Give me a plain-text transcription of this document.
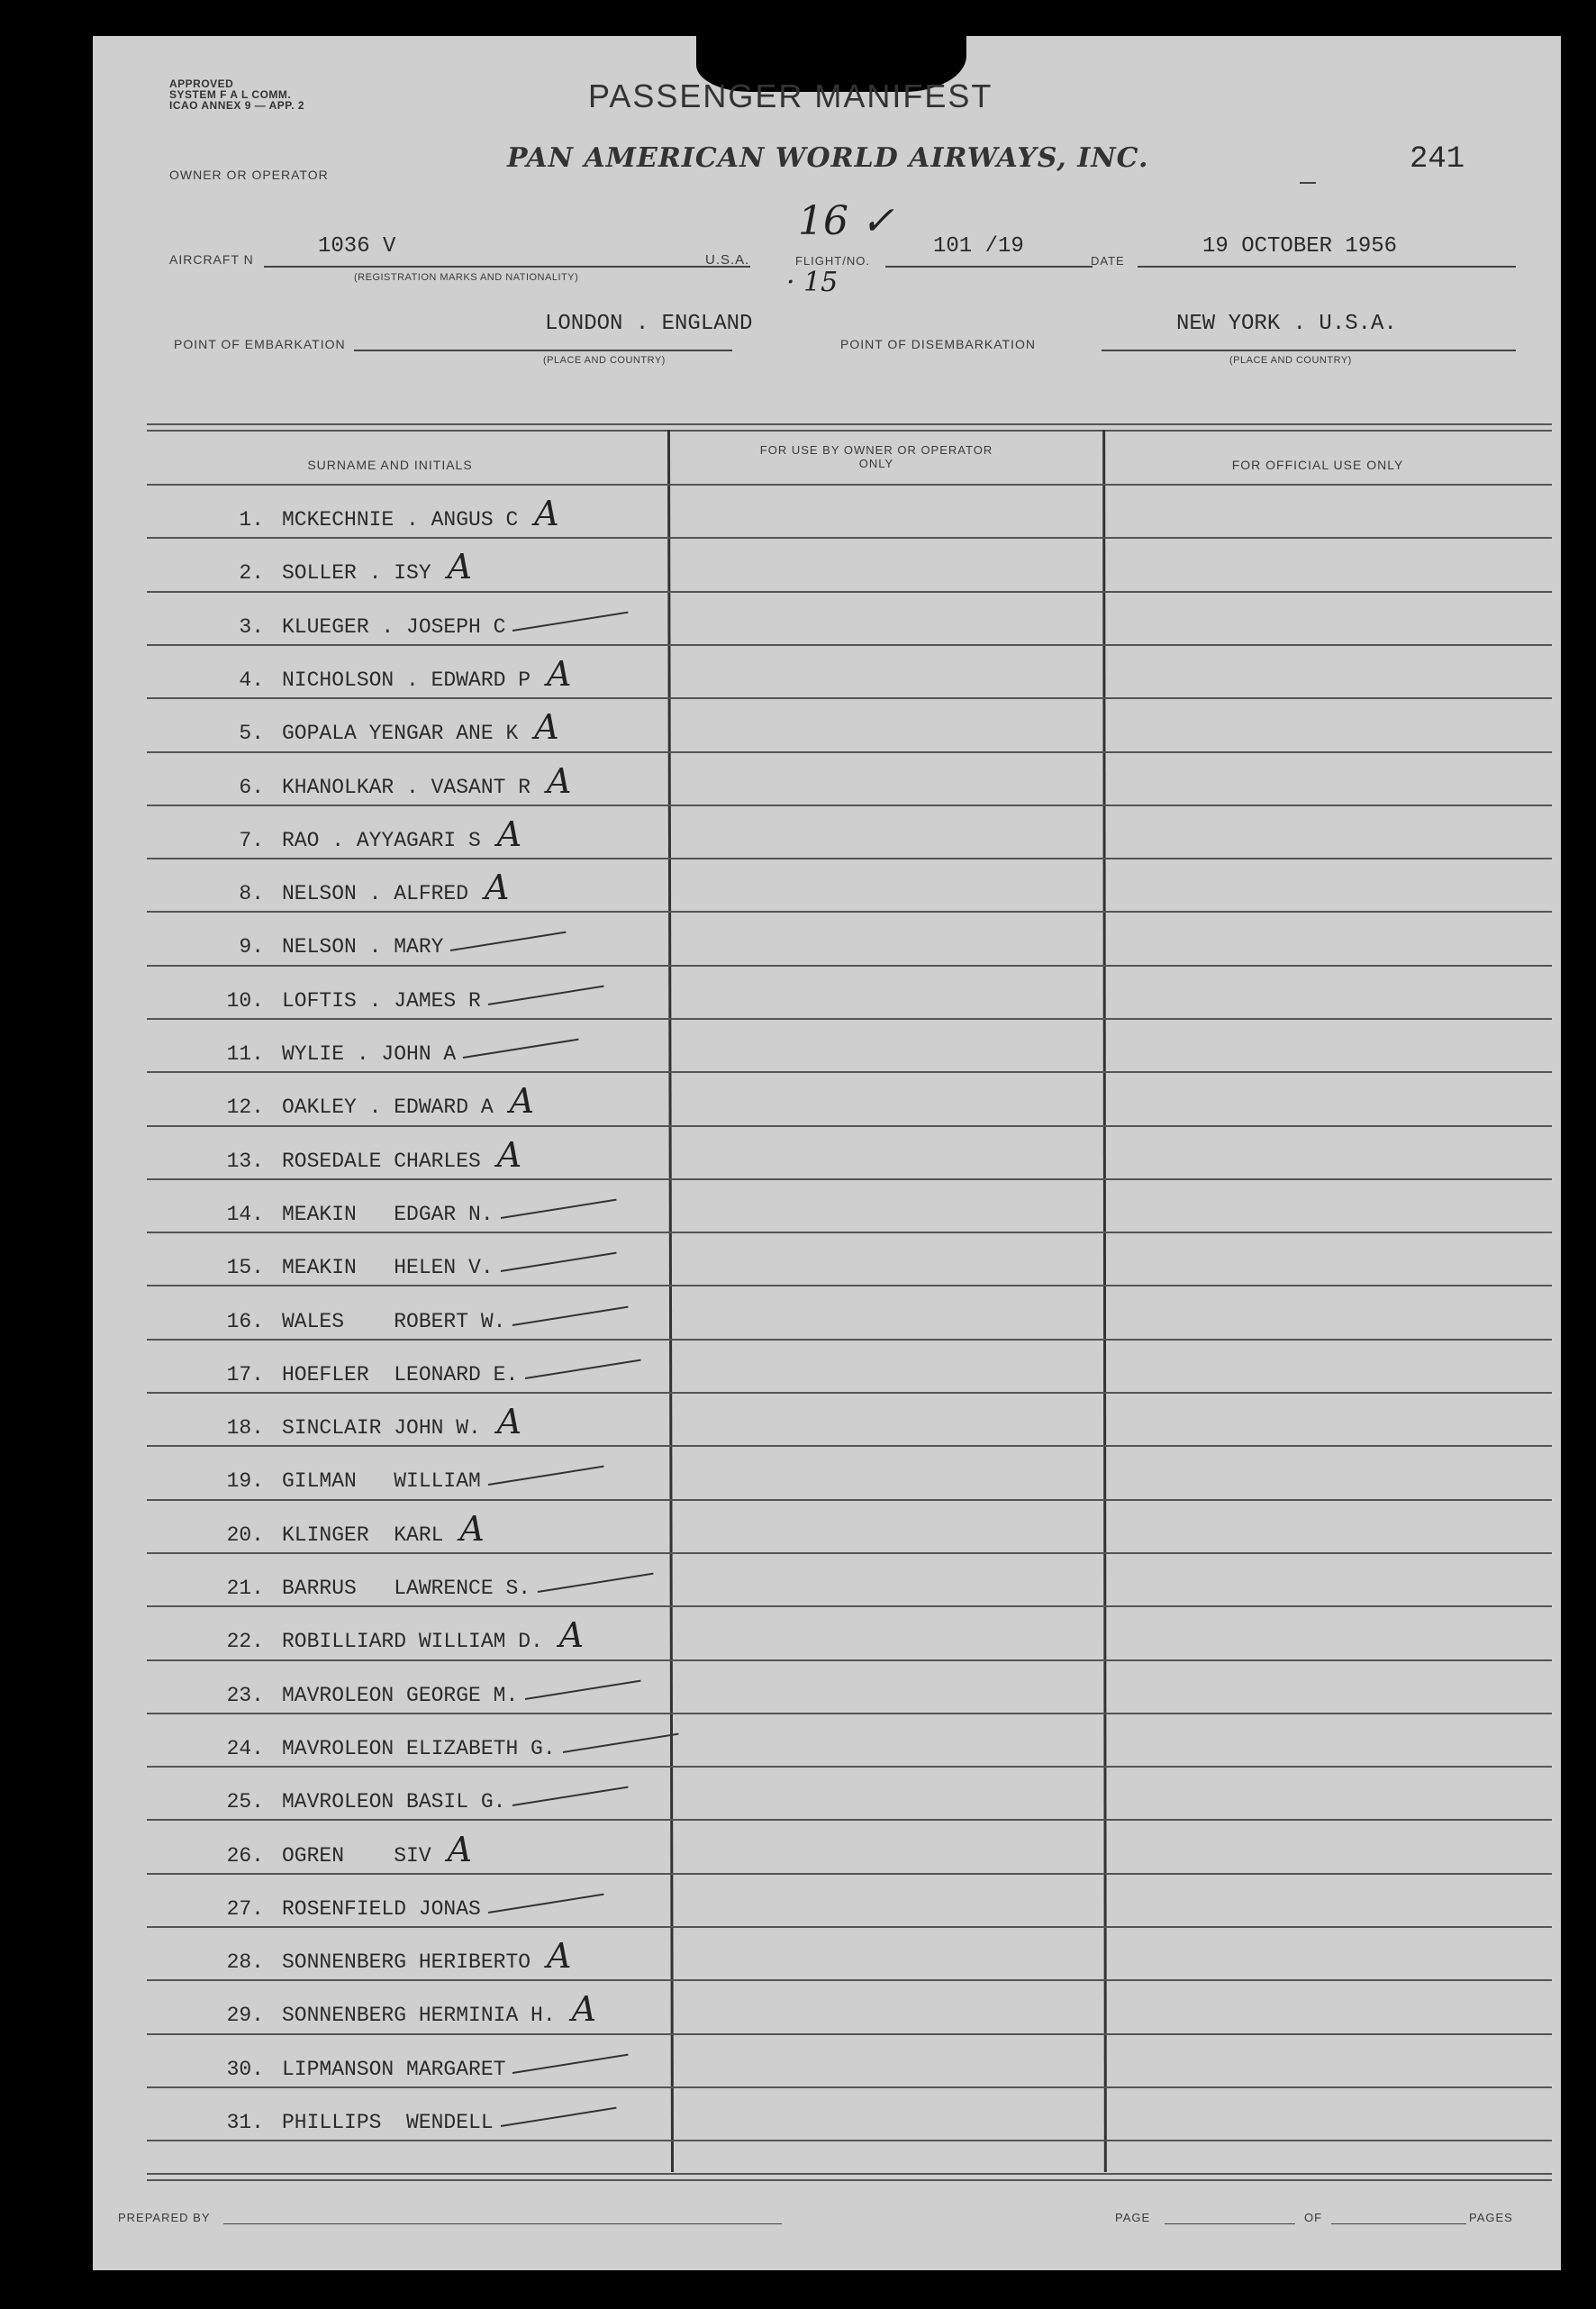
APPROVED
SYSTEM F A L COMM.
ICAO ANNEX 9 — APP. 2	PASSENGER MANIFEST
PAN AMERICAN WORLD AIRWAYS, INC.	241
OWNER OR OPERATOR
16 ✓
· 15
AIRCRAFT N
1036 V
(REGISTRATION MARKS AND NATIONALITY)
U.S.A.	FLIGHT/NO.
101 /19
DATE
19 OCTOBER 1956
POINT OF EMBARKATION
LONDON . ENGLAND
(PLACE AND COUNTRY)
POINT OF DISEMBARKATION
NEW YORK . U.S.A.
(PLACE AND COUNTRY)
SURNAME AND INITIALS
FOR USE BY OWNER OR OPERATOR ONLY	FOR OFFICIAL USE ONLY
1. MCKECHNIE . ANGUS C A
2. SOLLER . ISY A
3. KLUEGER . JOSEPH C
4. NICHOLSON . EDWARD P A
5. GOPALA YENGAR ANE K A
6. KHANOLKAR . VASANT R A
7. RAO . AYYAGARI S A
8. NELSON . ALFRED A
9. NELSON . MARY
10. LOFTIS . JAMES R
11. WYLIE . JOHN A
12. OAKLEY . EDWARD A A
13. ROSEDALE CHARLES A
14. MEAKIN   EDGAR N.
15. MEAKIN   HELEN V.
16. WALES    ROBERT W.
17. HOEFLER  LEONARD E.
18. SINCLAIR JOHN W. A
19. GILMAN   WILLIAM
20. KLINGER  KARL A
21. BARRUS   LAWRENCE S.
22. ROBILLIARD WILLIAM D. A
23. MAVROLEON GEORGE M.
24. MAVROLEON ELIZABETH G.
25. MAVROLEON BASIL G.
26. OGREN    SIV A
27. ROSENFIELD JONAS
28. SONNENBERG HERIBERTO A
29. SONNENBERG HERMINIA H. A
30. LIPMANSON MARGARET
31. PHILLIPS  WENDELL
PREPARED BY	PAGE	OF	PAGES
